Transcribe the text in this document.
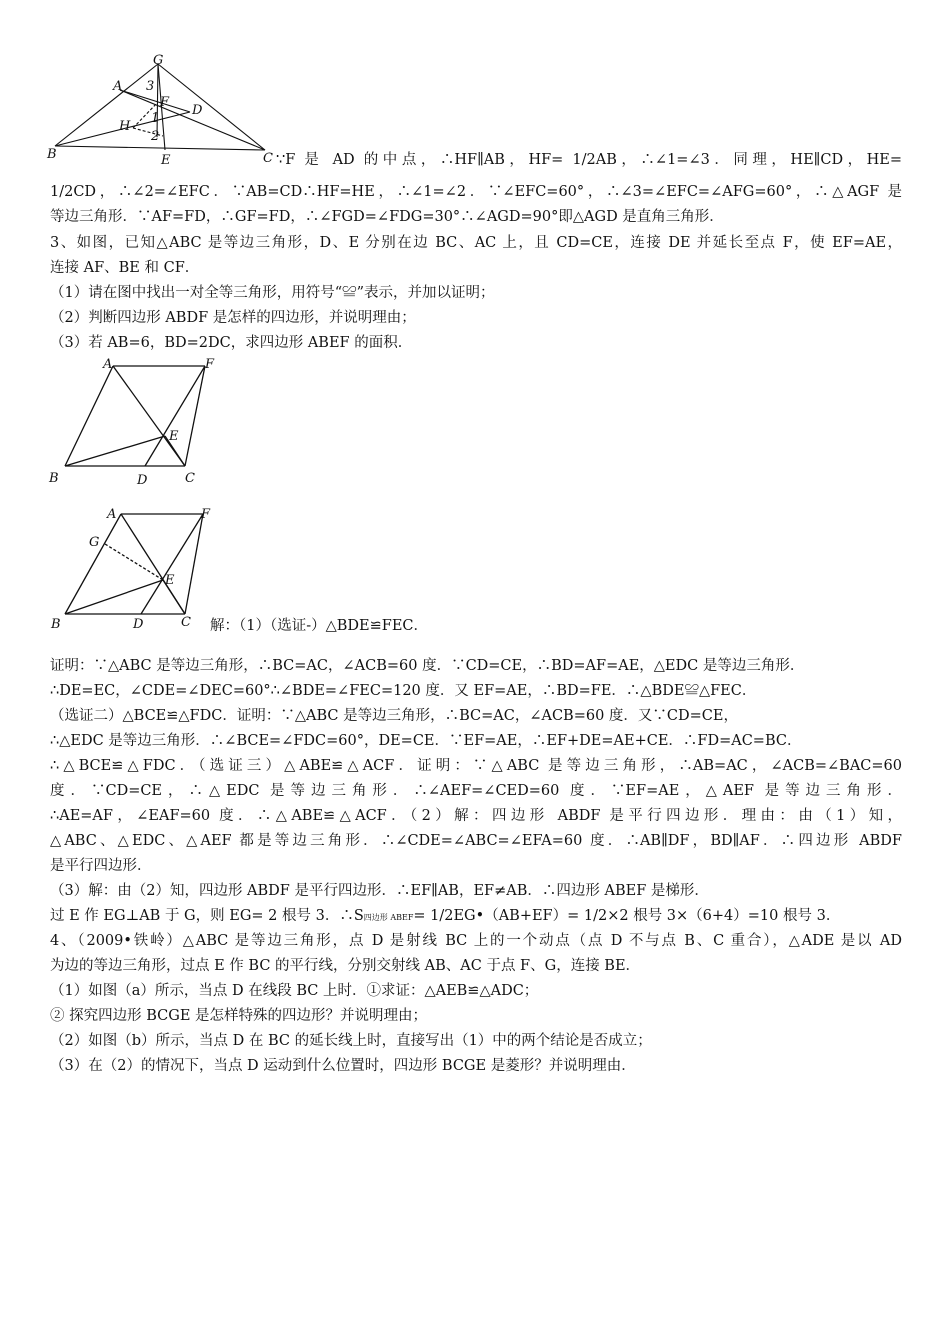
G
A 3
F
D
H
1
2
B	E	C ∵F 是 AD 的中点，∴HF∥AB，HF= 1/2AB，∴∠1=∠3．同理，HE∥CD，HE=
1/2CD，∴∠2=∠EFC．∵AB=CD∴HF=HE，∴∠1=∠2．∵∠EFC=60°，∴∠3=∠EFC=∠AFG=60°，∴△AGF 是
等边三角形．∵AF=FD，∴GF=FD，∴∠FGD=∠FDG=30°∴∠AGD=90°即△AGD 是直角三角形．
3、如图，已知△ABC 是等边三角形，D、E 分别在边 BC、AC 上，且 CD=CE，连接 DE 并延长至点 F，使 EF=AE，
连接 AF、BE 和 CF．
（1）请在图中找出一对全等三角形，用符号“≌”表示，并加以证明；
（2）判断四边形 ABDF 是怎样的四边形，并说明理由；
（3）若 AB=6，BD=2DC，求四边形 ABEF 的面积．
A	F
E
B	D	C
A	F
G
E
B	D	C 解：（1）（选证-）△BDE≌FEC．
证明：∵△ABC 是等边三角形，∴BC=AC，∠ACB=60 度．∵CD=CE，∴BD=AF=AE，△EDC 是等边三角形．
∴DE=EC，∠CDE=∠DEC=60°∴∠BDE=∠FEC=120 度．又 EF=AE，∴BD=FE．∴△BDE≌△FEC．
（选证二）△BCE≌△FDC．证明：∵△ABC 是等边三角形，∴BC=AC，∠ACB=60 度．又∵CD=CE，
∴△EDC 是等边三角形．∴∠BCE=∠FDC=60°，DE=CE．∵EF=AE，∴EF+DE=AE+CE．∴FD=AC=BC．
∴△BCE≌△FDC．（选证三）△ABE≌△ACF．证明：∵△ABC 是等边三角形，∴AB=AC，∠ACB=∠BAC=60
度．∵CD=CE，∴△EDC 是等边三角形．∴∠AEF=∠CED=60 度．∵EF=AE，△AEF 是等边三角形．
∴AE=AF，∠EAF=60 度．∴△ABE≌△ACF．（2）解：四边形 ABDF 是平行四边形．理由：由（1）知，
△ABC、△EDC、△AEF 都是等边三角形．∴∠CDE=∠ABC=∠EFA=60 度．∴AB∥DF，BD∥AF．∴四边形 ABDF
是平行四边形．
（3）解：由（2）知，四边形 ABDF 是平行四边形．∴EF∥AB，EF≠AB．∴四边形 ABEF 是梯形．
过 E 作 EG⊥AB 于 G，则 EG= 2 根号 3．∴S四边形 ABEF= 1/2EG•（AB+EF）= 1/2×2 根号 3×（6+4）=10 根号 3．
4、（2009•铁岭）△ABC 是等边三角形，点 D 是射线 BC 上的一个动点（点 D 不与点 B、C 重合），△ADE 是以 AD
为边的等边三角形，过点 E 作 BC 的平行线，分别交射线 AB、AC 于点 F、G，连接 BE．
（1）如图（a）所示，当点 D 在线段 BC 上时．①求证：△AEB≌△ADC；
② 探究四边形 BCGE 是怎样特殊的四边形？并说明理由；
（2）如图（b）所示，当点 D 在 BC 的延长线上时，直接写出（1）中的两个结论是否成立；
（3）在（2）的情况下，当点 D 运动到什么位置时，四边形 BCGE 是菱形？并说明理由．
